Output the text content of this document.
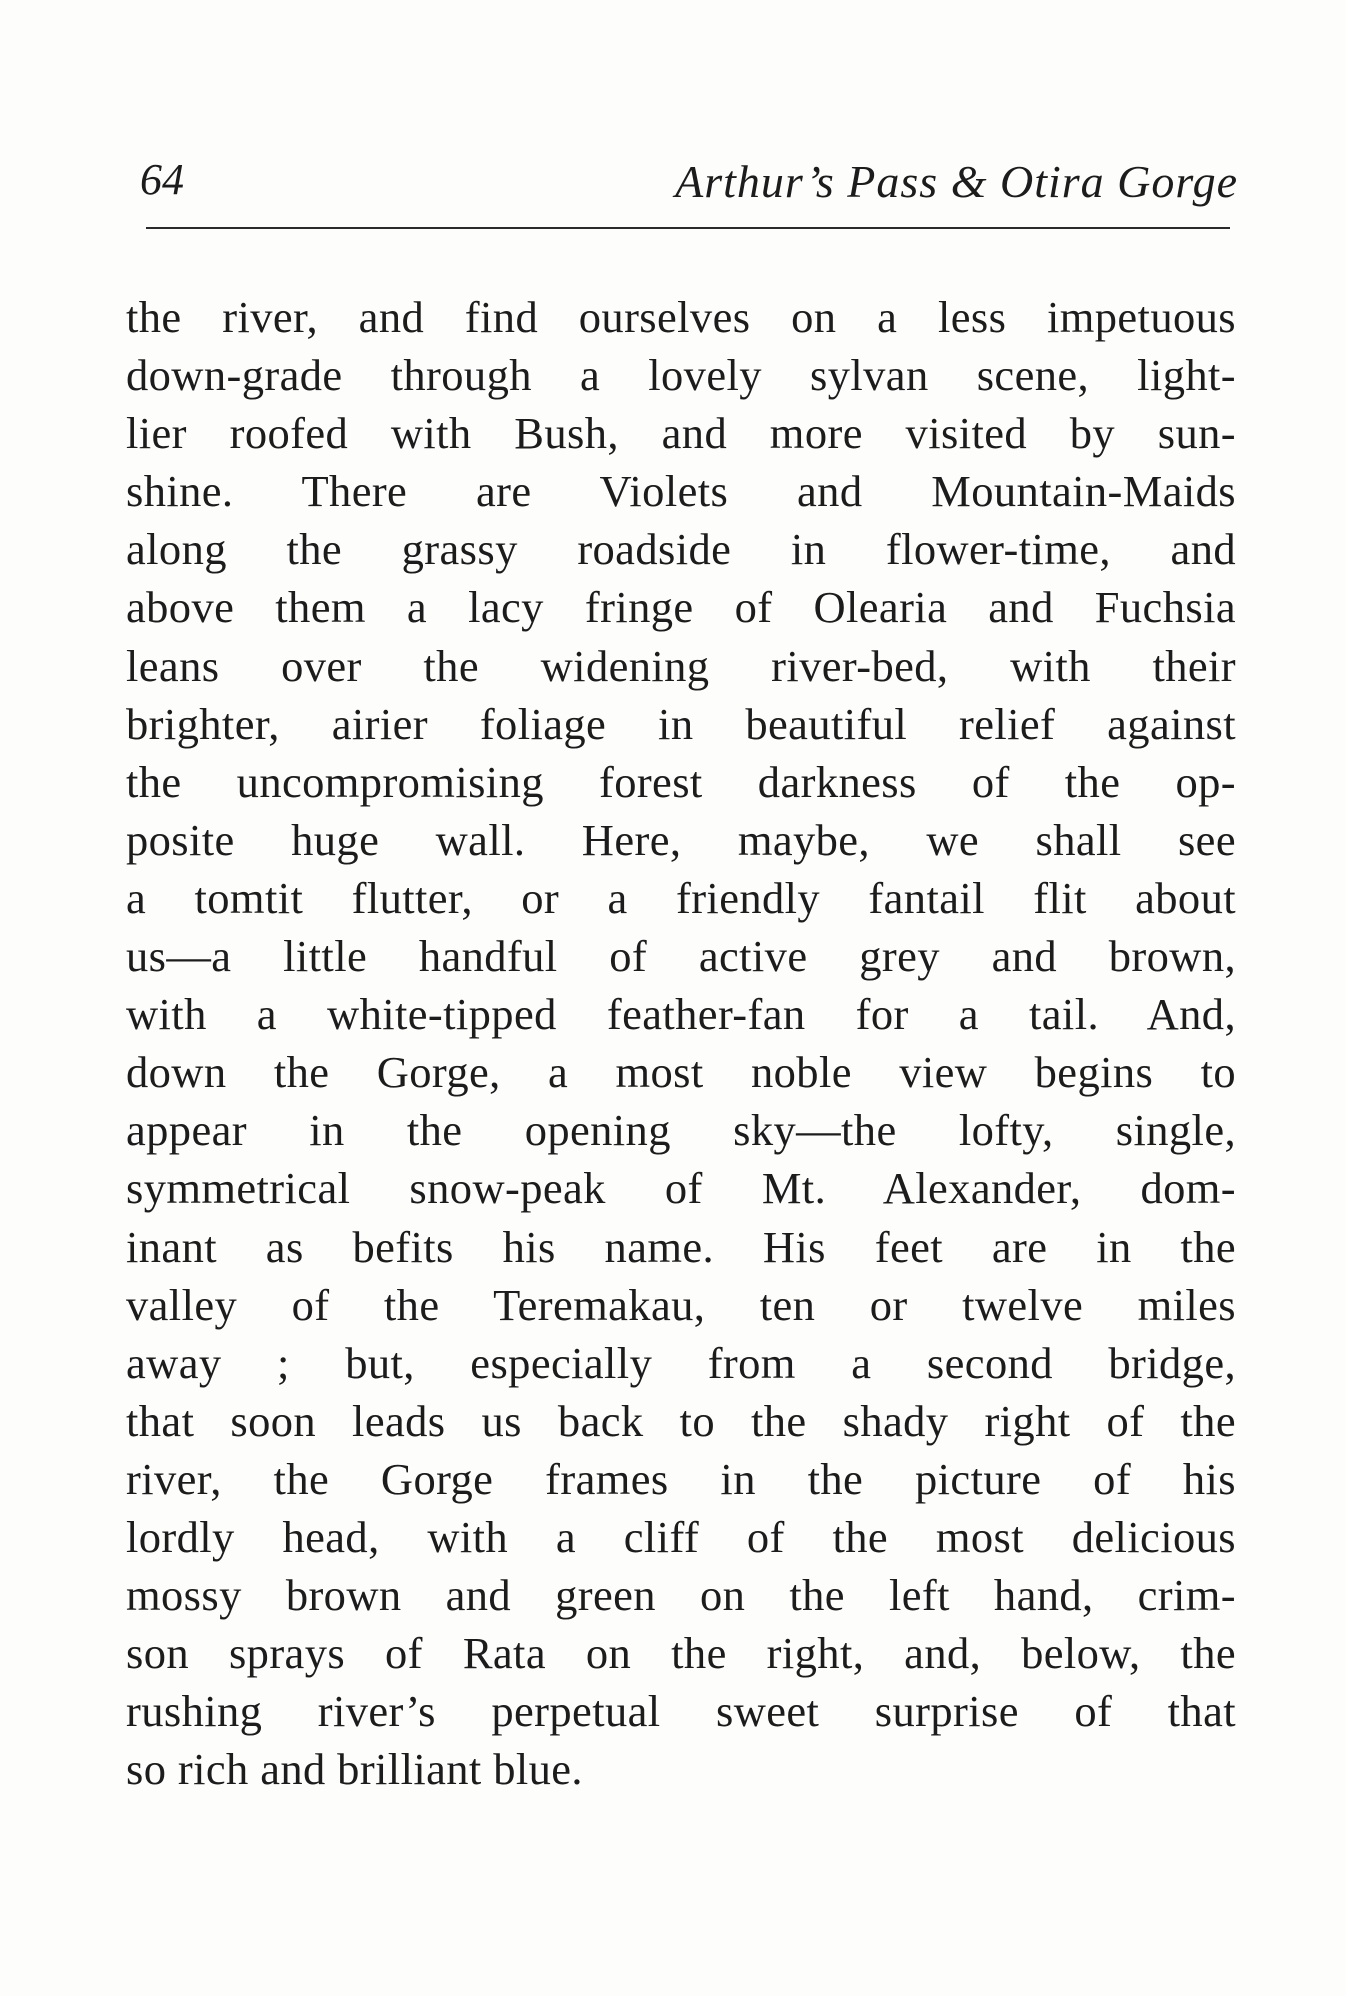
64	Arthur’s Pass & Otira Gorge

the river, and find ourselves on a less impetuous
down-grade through a lovely sylvan scene, light-
lier roofed with Bush, and more visited by sun-
shine. There are Violets and Mountain-Maids
along the grassy roadside in flower-time, and
above them a lacy fringe of Olearia and Fuchsia
leans over the widening river-bed, with their
brighter, airier foliage in beautiful relief against
the uncompromising forest darkness of the op-
posite huge wall. Here, maybe, we shall see
a tomtit flutter, or a friendly fantail flit about
us—a little handful of active grey and brown,
with a white-tipped feather-fan for a tail. And,
down the Gorge, a most noble view begins to
appear in the opening sky—the lofty, single,
symmetrical snow-peak of Mt. Alexander, dom-
inant as befits his name. His feet are in the
valley of the Teremakau, ten or twelve miles
away ; but, especially from a second bridge,
that soon leads us back to the shady right of the
river, the Gorge frames in the picture of his
lordly head, with a cliff of the most delicious
mossy brown and green on the left hand, crim-
son sprays of Rata on the right, and, below, the
rushing river’s perpetual sweet surprise of that
so rich and brilliant blue.
